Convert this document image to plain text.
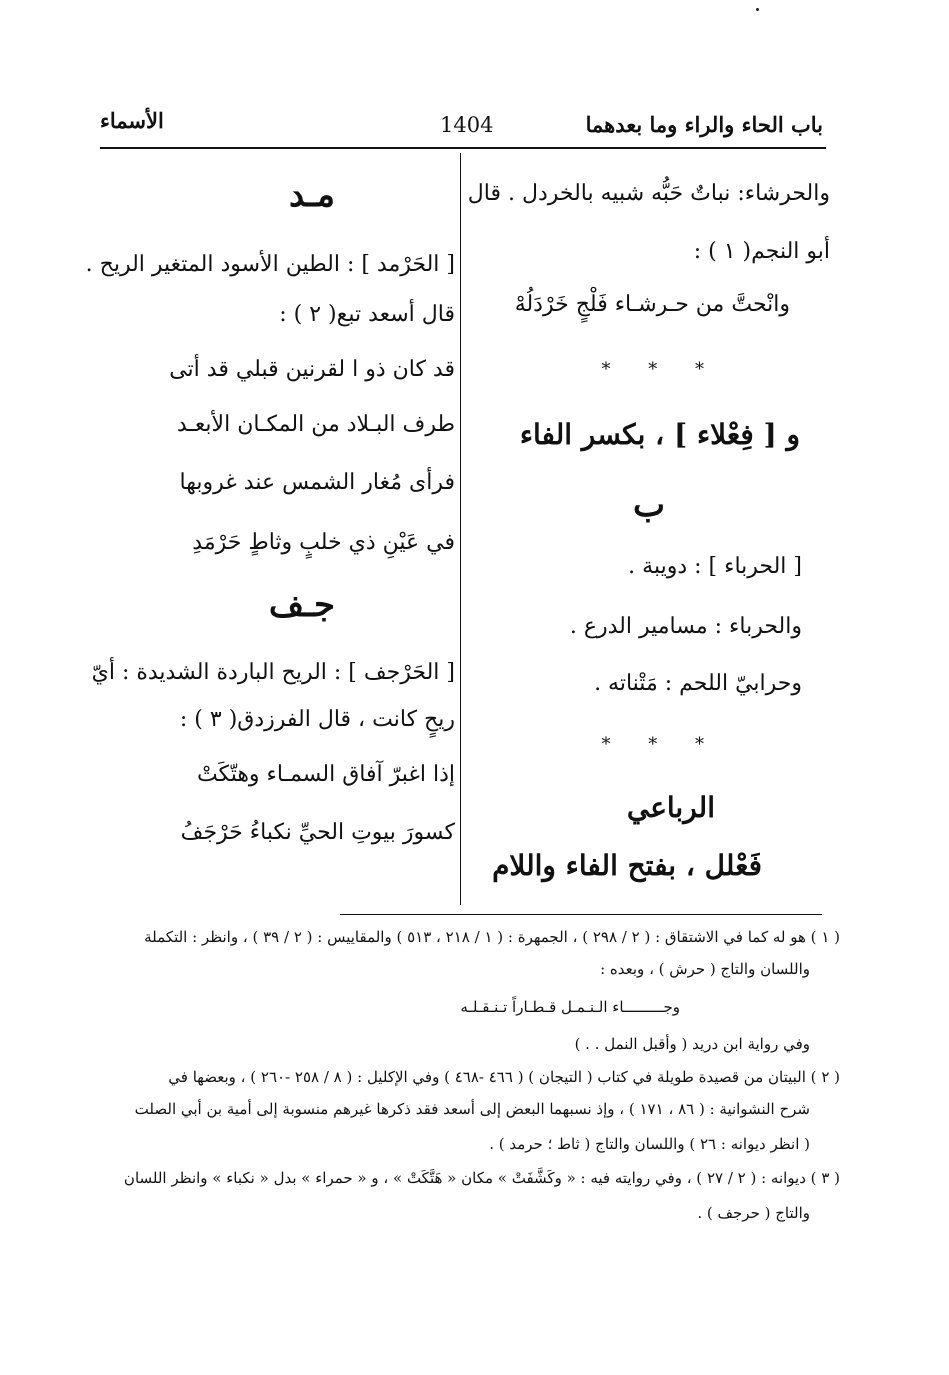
باب الحاء والراء وما بعدهما
1404
الأسماء
والحرشاء: نباتٌ حَبُّه شبيه بالخردل . قال
أبو النجم( ١ ) :
وانْحتَّ من حـرشـاء فَلْجٍ خَرْدَلُهْ
* * *
و [ فِعْلاء ] ، بكسر الفاء
ب
[ الحرباء ] : دويبة .
والحرباء : مسامير الدرع .
وحرابيّ اللحم : مَتْناته .
* * *
الرباعي
فَعْلل ، بفتح الفاء واللام
مـد
[ الحَرْمد ] : الطين الأسود المتغير الريح .
قال أسعد تبع( ٢ ) :
قد كان ذو ا لقرنين قبلي قد أتى
طرف البـلاد من المكـان الأبعـد
فرأى مُغار الشمس عند غروبها
في عَيْنِ ذي خلبٍ وثاطٍ حَرْمَدِ
جـف
[ الحَرْجف ] : الريح الباردة الشديدة : أيّ
ريحٍ كانت ، قال الفرزدق( ٣ ) :
إذا اغبرّ آفاق السمـاء وهتّكَتْ
كسورَ بيوتِ الحيِّ نكباءُ حَرْجَفُ
( ١ ) هو له كما في الاشتقاق : ( ٢ / ٢٩٨ ) ، الجمهرة : ( ١ / ٢١٨ ، ٥١٣ ) والمقاييس : ( ٢ / ٣٩ ) ، وانظر : التكملة
واللسان والتاج ( حرش ) ، وبعده :
وجـــــــــاء الـنـمـل قـطـاراً تـنـقـلـه
وفي رواية ابن دريد ( وأقبل النمل . . )
( ٢ ) البيتان من قصيدة طويلة في كتاب ( التيجان ) ( ٤٦٦ -٤٦٨ ) وفي الإكليل : ( ٨ / ٢٥٨ -٢٦٠ ) ، وبعضها في
شرح النشوانية : ( ٨٦ ، ١٧١ ) ، وإذ نسبهما البعض إلى أسعد فقد ذكرها غيرهم منسوبة إلى أمية بن أبي الصلت
( انظر ديوانه : ٢٦ ) واللسان والتاج ( ثاط ؛ حرمد ) .
( ٣ ) ديوانه : ( ٢ / ٢٧ ) ، وفي روايته فيه : « وكَشَّفَتْ » مكان « هَتَّكَتْ » ، و « حمراء » بدل « نكباء » وانظر اللسان
والتاج ( حرجف ) .
